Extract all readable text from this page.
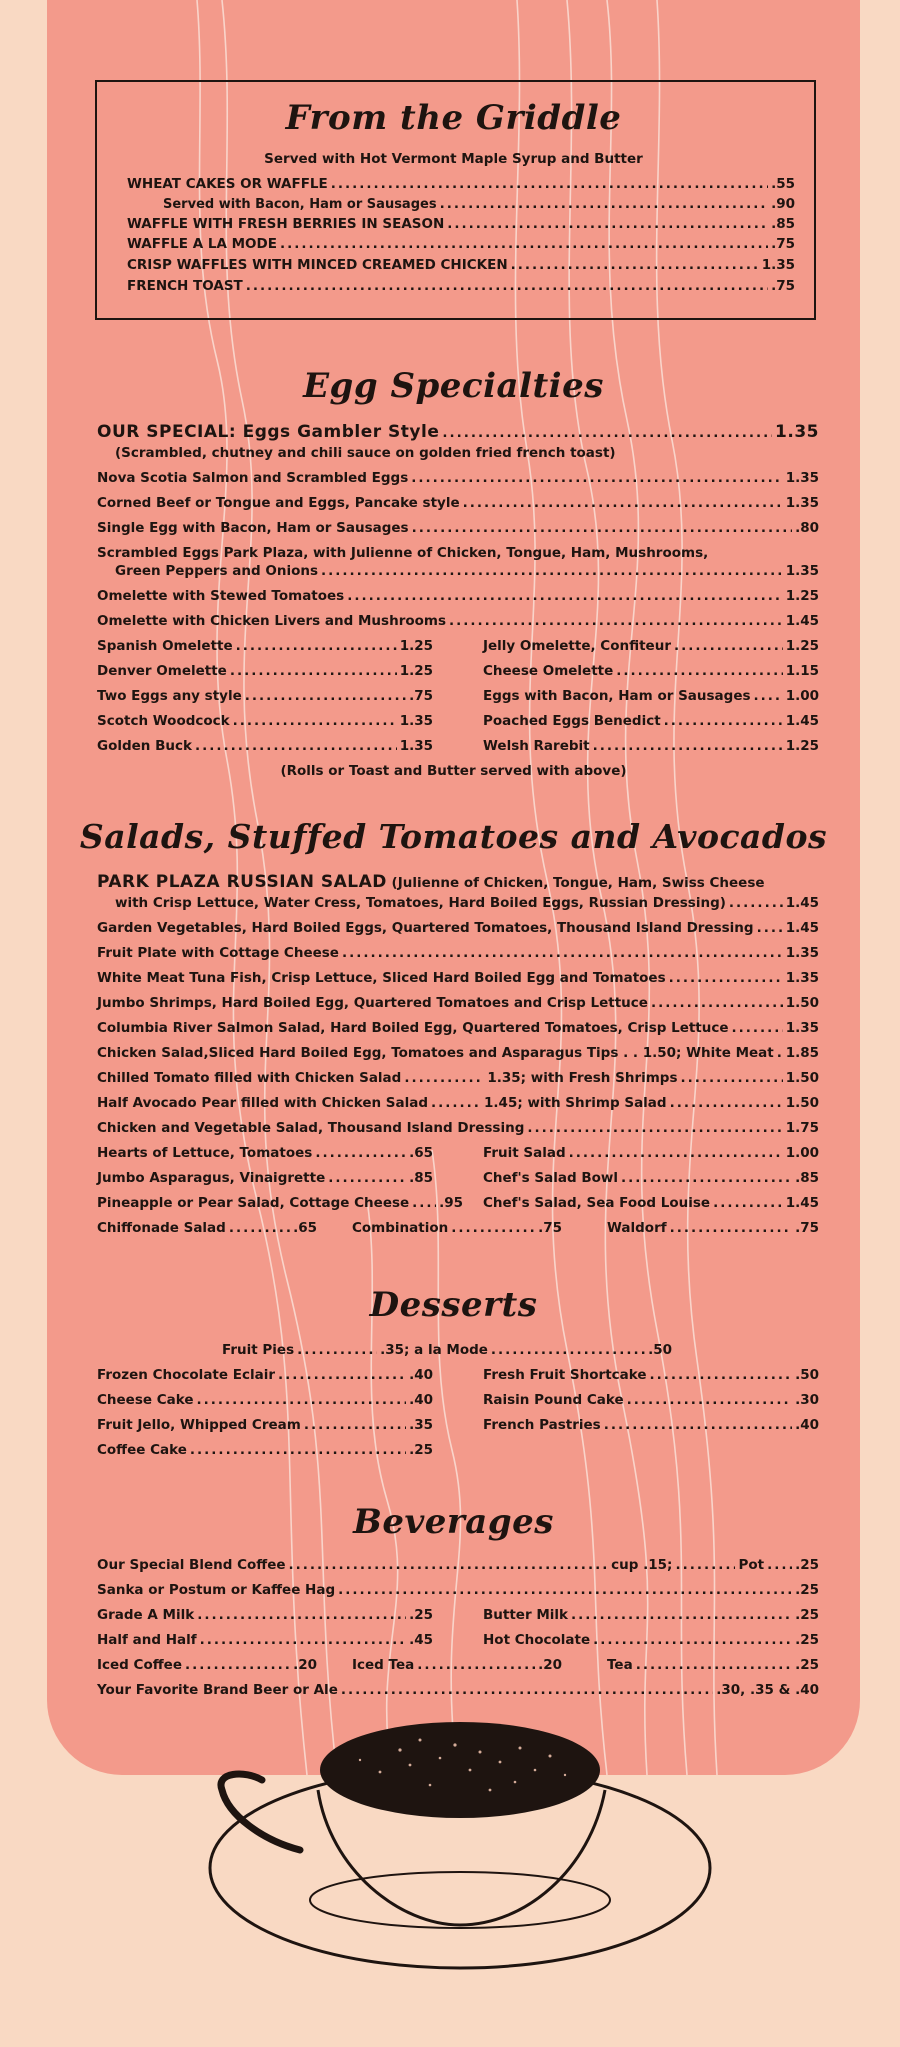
From the Griddle

Served with Hot Vermont Maple Syrup and Butter

WHEAT CAKES OR WAFFLE .....	.55
Served with Bacon, Ham or Sausages .....	.90
WAFFLE WITH FRESH BERRIES IN SEASON .....	.85
WAFFLE A LA MODE .....	.75
CRISP WAFFLES WITH MINCED CREAMED CHICKEN .....	1.35
FRENCH TOAST .....	.75
Egg Specialties
OUR SPECIAL: Eggs Gambler Style .....	1.35

(Scrambled, chutney and chili sauce on golden fried french toast)

Nova Scotia Salmon and Scrambled Eggs .....	1.35
Corned Beef or Tongue and Eggs, Pancake style .....	1.35
Single Egg with Bacon, Ham or Sausages .....	.80

Scrambled Eggs Park Plaza, with Julienne of Chicken, Tongue, Ham, Mushrooms,

Green Peppers and Onions .....	1.35
Omelette with Stewed Tomatoes .....	1.25
Omelette with Chicken Livers and Mushrooms .....	1.45
Spanish Omelette .....	1.25
Denver Omelette .....	1.25
Two Eggs any style .....	.75
Scotch Woodcock .....	1.35
Golden Buck .....	1.35
Jelly Omelette, Confiteur .....	1.25
Cheese Omelette .....	1.15
Eggs with Bacon, Ham or Sausages .....	1.00
Poached Eggs Benedict .....	1.45
Welsh Rarebit .....	1.25

(Rolls or Toast and Butter served with above)

Salads, Stuffed Tomatoes and Avocados

PARK PLAZA RUSSIAN SALAD (Julienne of Chicken, Tongue, Ham, Swiss Cheese

with Crisp Lettuce, Water Cress, Tomatoes, Hard Boiled Eggs, Russian Dressing) .....	1.45
Garden Vegetables, Hard Boiled Eggs, Quartered Tomatoes, Thousand Island Dressing ..... 1.45
Fruit Plate with Cottage Cheese .....	1.35
White Meat Tuna Fish, Crisp Lettuce, Sliced Hard Boiled Egg and Tomatoes .....	1.35
Jumbo Shrimps, Hard Boiled Egg, Quartered Tomatoes and Crisp Lettuce .....	1.50
Columbia River Salmon Salad, Hard Boiled Egg, Quartered Tomatoes, Crisp Lettuce .....	1.35
Chicken Salad,Sliced Hard Boiled Egg, Tomatoes and Asparagus Tips . . 1.50; White Meat ..... 1.85
Chilled Tomato filled with Chicken Salad .....	1.35; with Fresh Shrimps .....	1.50
Half Avocado Pear filled with Chicken Salad .....	1.45; with Shrimp Salad .....	1.50
Chicken and Vegetable Salad, Thousand Island Dressing .....	1.75
Hearts of Lettuce, Tomatoes .....	.65
Jumbo Asparagus, Vinaigrette .....	.85
Pineapple or Pear Salad, Cottage Cheese ..... .95
Fruit Salad .....	1.00
Chef's Salad Bowl .....	.85
Chef's Salad, Sea Food Louise .....	1.45
Chiffonade Salad .....	.65	Combination .....	.75	Waldorf .....	.75
Desserts
Fruit Pies .....	.35; a la Mode .....	.50
Frozen Chocolate Eclair .....	.40
Cheese Cake .....	.40
Fruit Jello, Whipped Cream .....	.35
Coffee Cake .....	.25
Fresh Fruit Shortcake .....	.50
Raisin Pound Cake .....	.30
French Pastries .....	.40
Beverages
Our Special Blend Coffee .....	cup .15; .....	Pot ..... .25
Sanka or Postum or Kaffee Hag .....	.25
Grade A Milk .....	.25
Half and Half .....	.45
Butter Milk .....	.25
Hot Chocolate .....	.25
Iced Coffee .....	.20	Iced Tea .....	.20	Tea .....	.25
Your Favorite Brand Beer or Ale .....	.30, .35 & .40
